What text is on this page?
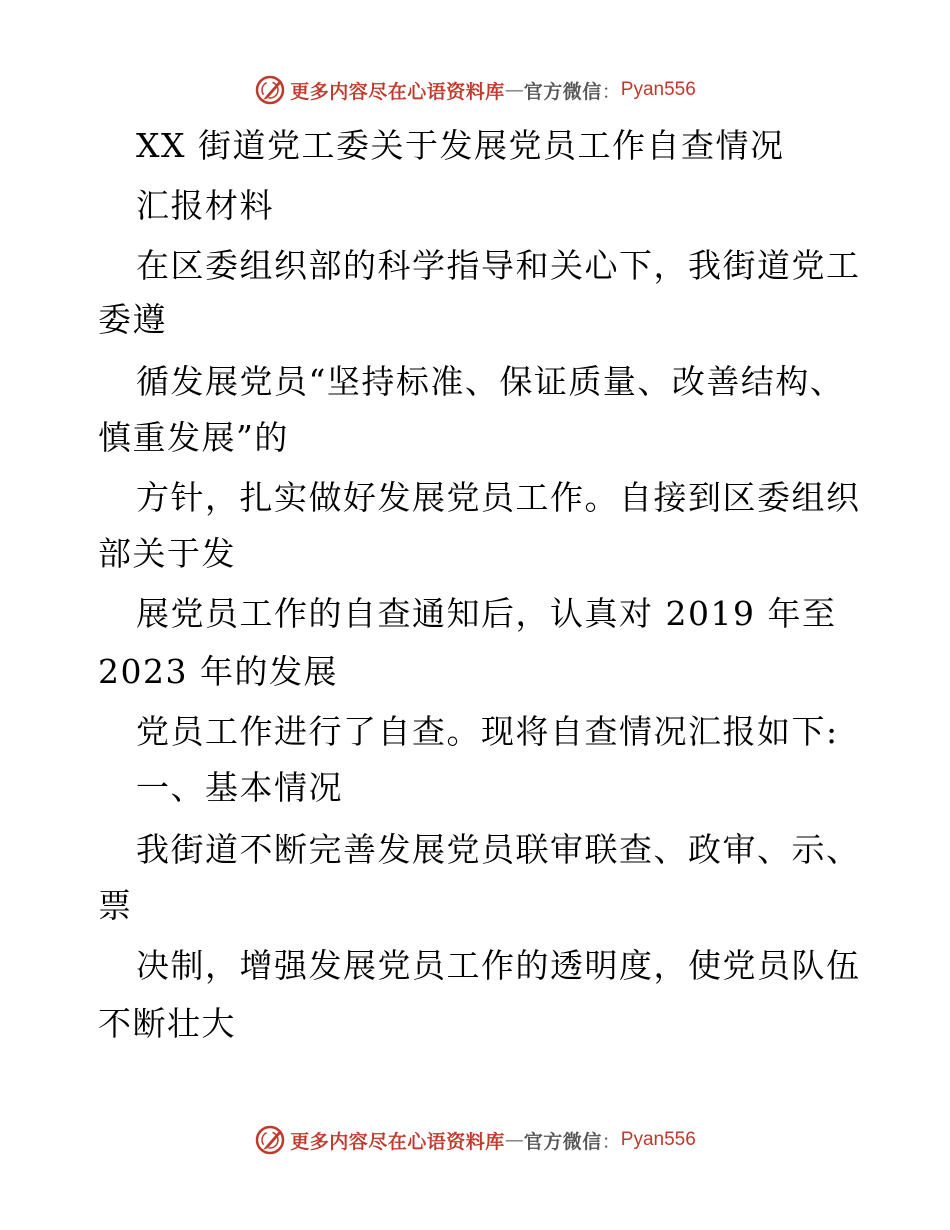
更多内容尽在心语资料库 — 官方微信 ： Pyan556
XX 街道党工委关于发展党员工作自查情况
汇报材料
在区委组织部的科学指导和关心下，我街道党工
委遵
循发展党员“坚持标准、保证质量、改善结构、
慎重发展”的
方针，扎实做好发展党员工作。自接到区委组织
部关于发
展党员工作的自查通知后，认真对 2019 年至
2023 年的发展
党员工作进行了自查。现将自查情况汇报如下:
一、基本情况
我街道不断完善发展党员联审联查、政审、示、
票
决制，增强发展党员工作的透明度，使党员队伍
不断壮大
更多内容尽在心语资料库 — 官方微信 ： Pyan556
